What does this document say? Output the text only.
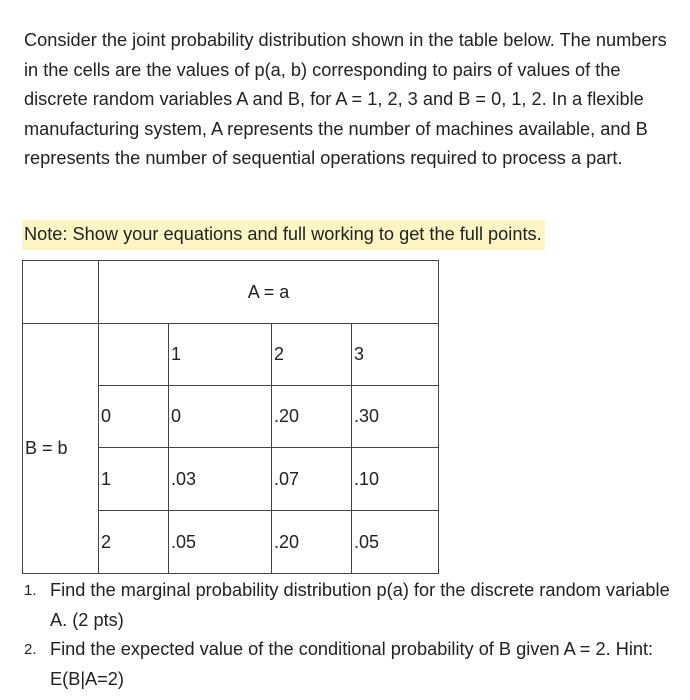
Consider the joint probability distribution shown in the table below. The numbers in the cells are the values of p(a, b) corresponding to pairs of values of the discrete random variables A and B, for A = 1, 2, 3 and B = 0, 1, 2. In a flexible manufacturing system, A represents the number of machines available, and B represents the number of sequential operations required to process a part.

Note: Show your equations and full working to get the full points.
	A = a			
B = b		1	2	3
	0	0	.20	.30
	1	.03	.07	.10
	2	.05	.20	.05
1. Find the marginal probability distribution p(a) for the discrete random variable A. (2 pts)
2. Find the expected value of the conditional probability of B given A = 2. Hint: E(B|A=2)
